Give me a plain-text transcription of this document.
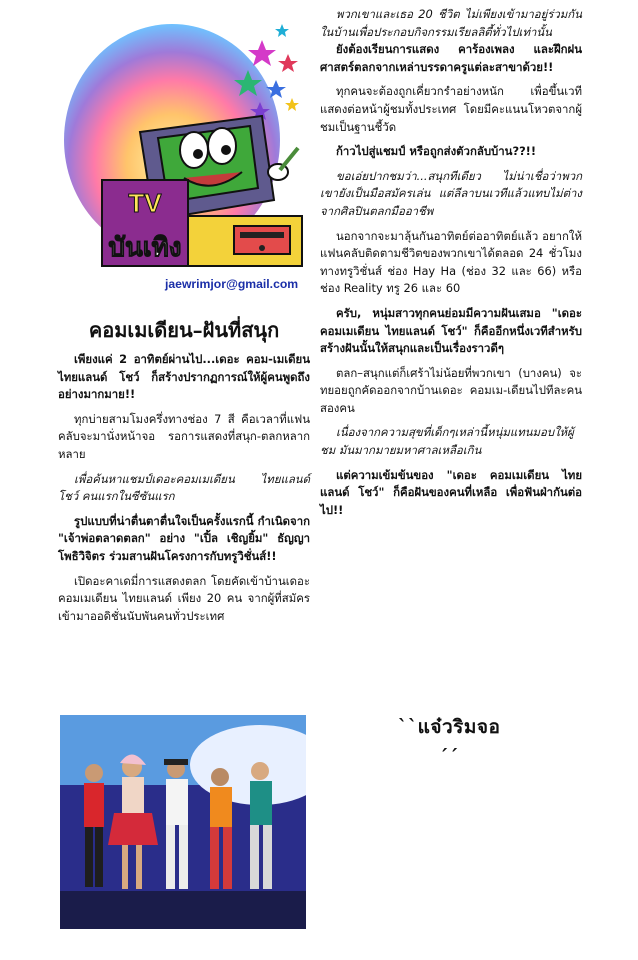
TV
บันเทิง
jaewrimjor@gmail.com
คอมเมเดียน–ฝันที่สนุก

เพียงแค่ 2 อาทิตย์ผ่านไป...เดอะ คอม-เมเดียน ไทยแลนด์ โชว์ ก็สร้างปรากฏการณ์ให้ผู้คนพูดถึงอย่างมากมาย!!

ทุกบ่ายสามโมงครึ่งทางช่อง 7 สี คือเวลาที่แฟนคลับจะมานั่งหน้าจอ รอการแสดงที่สนุก-ตลกหลากหลาย

เพื่อค้นหาแชมป์เดอะคอมเมเดียน ไทยแลนด์ โชว์ คนแรกในซีซันแรก

รูปแบบที่น่าตื่นตาตื่นใจเป็นครั้งแรกนี้ กำเนิดจาก "เจ้าพ่อตลาดตลก" อย่าง "เปิ้ล เชิญยิ้ม" ธัญญา โพธิวิจิตร ร่วมสานฝันโครงการกับทรูวิชั่นส์!!

เปิดอะคาเดมี่การแสดงตลก โดยคัดเข้าบ้านเดอะคอมเมเดียน ไทยแลนด์ เพียง 20 คน จากผู้ที่สมัครเข้ามาออดิชั่นนับพันคนทั่วประเทศ

พวกเขาและเธอ 20 ชีวิต ไม่เพียงเข้ามาอยู่ร่วมกันในบ้านเพื่อประกอบกิจกรรมเรียลลิตี้ทั่วไปเท่านั้น

ยังต้องเรียนการแสดง คาร้องเพลง และฝึกฝนศาสตร์ตลกจากเหล่าบรรดาครูแต่ละสาขาด้วย!!

ทุกคนจะต้องถูกเคี่ยวกรำอย่างหนัก เพื่อขึ้นเวทีแสดงต่อหน้าผู้ชมทั้งประเทศ โดยมีคะแนนโหวตจากผู้ชมเป็นฐานชี้วัด

ก้าวไปสู่แชมป์ หรือถูกส่งตัวกลับบ้าน??!!

ขอเอ่ยปากชมว่า...สนุกทีเดียว ไม่น่าเชื่อว่าพวกเขายังเป็นมือสมัครเล่น แต่ลีลาบนเวทีแล้วแทบไม่ต่างจากศิลปินตลกมืออาชีพ

นอกจากจะมาลุ้นกันอาทิตย์ต่ออาทิตย์แล้ว อยากให้แฟนคลับติดตามชีวิตของพวกเขาได้ตลอด 24 ชั่วโมงทางทรูวิชั่นส์ ช่อง Hay Ha (ช่อง 32 และ 66) หรือช่อง Reality ทรู 26 และ 60

ครับ, หนุ่มสาวทุกคนย่อมมีความฝันเสมอ "เดอะ คอมเมเดียน ไทยแลนด์ โชว์" ก็คืออีกหนึ่งเวทีสำหรับสร้างฝันนั้นให้สนุกและเป็นเรื่องราวดีๆ

ตลก–สนุกแต่ก็เศร้าไม่น้อยที่พวกเขา (บางคน) จะทยอยถูกคัดออกจากบ้านเดอะ คอมเม-เดียนไปทีละคนสองคน

เนื่องจากความสุขที่เด็กๆเหล่านี้หนุ่มแทนมอบให้ผู้ชม มันมากมายมหาศาลเหลือเกิน

แต่ความเข้มข้นของ "เดอะ คอมเมเดียน ไทยแลนด์ โชว์" ก็คือฝันของคนที่เหลือ เพื่อฟันฝ่ากันต่อไป!!

``แจ๋วริมจอ´´
